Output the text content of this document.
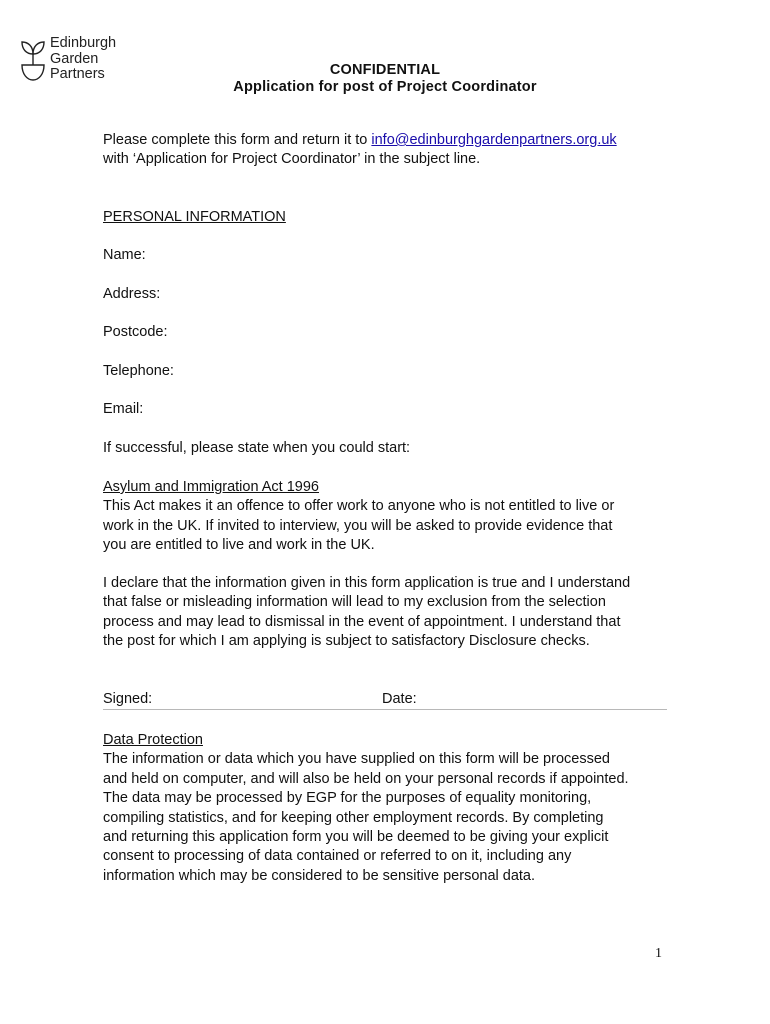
Edinburgh
Garden
Partners	CONFIDENTIAL
Application for post of Project Coordinator
Please complete this form and return it to info@edinburghgardenpartners.org.uk
with ‘Application for Project Coordinator’ in the subject line.
PERSONAL INFORMATION
Name:
Address:
Postcode:
Telephone:
Email:
If successful, please state when you could start:
Asylum and Immigration Act 1996
This Act makes it an offence to offer work to anyone who is not entitled to live or
work in the UK. If invited to interview, you will be asked to provide evidence that
you are entitled to live and work in the UK.
I declare that the information given in this form application is true and I understand
that false or misleading information will lead to my exclusion from the selection
process and may lead to dismissal in the event of appointment. I understand that
the post for which I am applying is subject to satisfactory Disclosure checks.
Signed:	Date:
Data Protection
The information or data which you have supplied on this form will be processed
and held on computer, and will also be held on your personal records if appointed.
The data may be processed by EGP for the purposes of equality monitoring,
compiling statistics, and for keeping other employment records. By completing
and returning this application form you will be deemed to be giving your explicit
consent to processing of data contained or referred to on it, including any
information which may be considered to be sensitive personal data.
1
